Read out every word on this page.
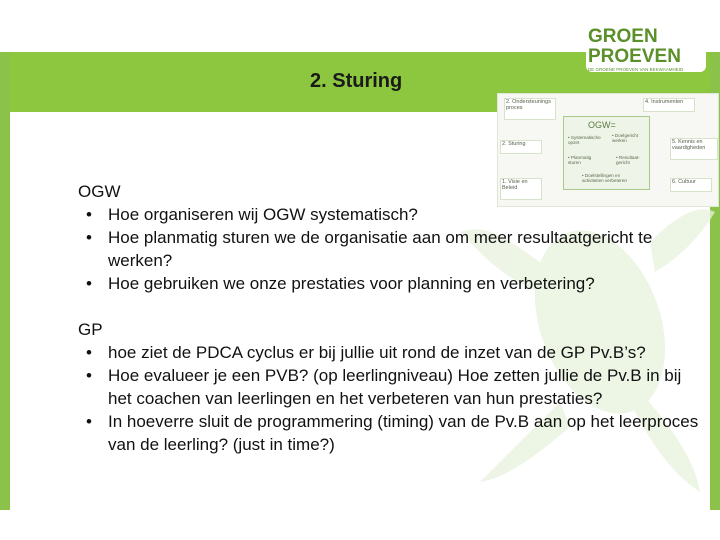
2. Sturing
OGW
• Hoe organiseren wij OGW systematisch?
• Hoe planmatig sturen we de organisatie aan om meer resultaatgericht te werken?
• Hoe gebruiken we onze prestaties voor planning en verbetering?
GP
• hoe ziet de PDCA cyclus er bij jullie uit rond de inzet van de GP Pv.B’s?
• Hoe evalueer je een PVB? (op leerlingniveau) Hoe zetten jullie de Pv.B in bij het coachen van leerlingen en het verbeteren van hun prestaties?
• In hoeverre sluit de programmering (timing) van de Pv.B aan op het leerproces van de leerling? (just in time?)
2. Ondersteunings
proces
4. Instrumenten
2. Sturing	5. Kennis en
vaardigheden
1. Visie en
Beleid
6. Cultuur
OGW=
• Systematische
opzet
• Doelgericht
werken
• Planmatig
sturen
• Resultaat-
gericht
• Doelstellingen en
activiteiten verbeteren
GROEN
PROEVEN
DE GROENE PROEVEN VAN BEKWAAMHEID
